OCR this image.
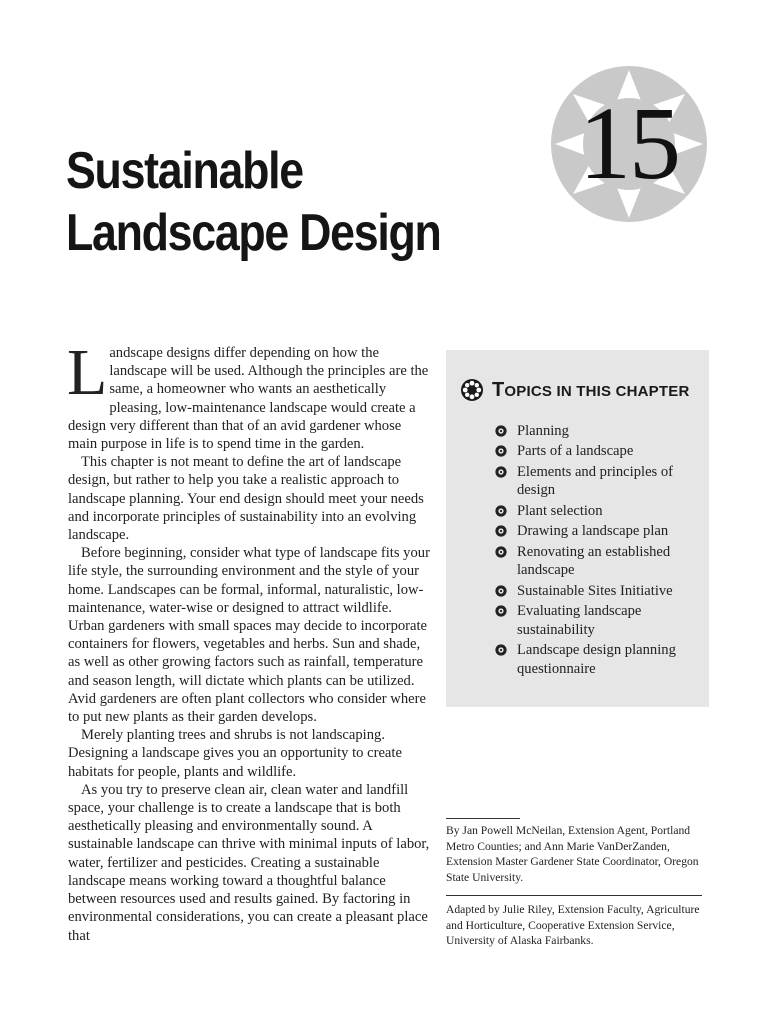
15
Sustainable
Landscape Design

Landscape designs differ depending on how the landscape will be used. Although the principles are the same, a homeowner who wants an aesthetically pleasing, low-maintenance landscape would create a design very different than that of an avid gardener whose main purpose in life is to spend time in the garden.

This chapter is not meant to define the art of landscape design, but rather to help you take a realistic approach to landscape planning. Your end design should meet your needs and incorporate principles of sustainability into an evolving landscape.

Before beginning, consider what type of landscape fits your life style, the surrounding environment and the style of your home. Landscapes can be formal, informal, naturalistic, low-maintenance, water-wise or designed to attract wildlife. Urban gardeners with small spaces may decide to incorporate containers for flowers, vegetables and herbs. Sun and shade, as well as other growing factors such as rainfall, temperature and season length, will dictate which plants can be utilized. Avid gardeners are often plant collectors who consider where to put new plants as their garden develops.

Merely planting trees and shrubs is not landscaping. Designing a landscape gives you an opportunity to create habitats for people, plants and wildlife.

As you try to preserve clean air, clean water and landfill space, your challenge is to create a landscape that is both aesthetically pleasing and environmentally sound. A sustainable landscape can thrive with minimal inputs of labor, water, fertilizer and pesticides. Creating a sustainable landscape means working toward a thoughtful balance between resources used and results gained. By factoring in environmental considerations, you can create a pleasant place that

TOPICS IN THIS CHAPTER
Planning
Parts of a landscape
Elements and principles of design
Plant selection
Drawing a landscape plan
Renovating an established landscape
Sustainable Sites Initiative
Evaluating landscape sustainability
Landscape design planning questionnaire

By Jan Powell McNeilan, Extension Agent, Portland Metro Counties; and Ann Marie VanDerZanden, Extension Master Gardener State Coordinator, Oregon State University.

Adapted by Julie Riley, Extension Faculty, Agriculture and Horticulture, Cooperative Extension Service, University of Alaska Fairbanks.
